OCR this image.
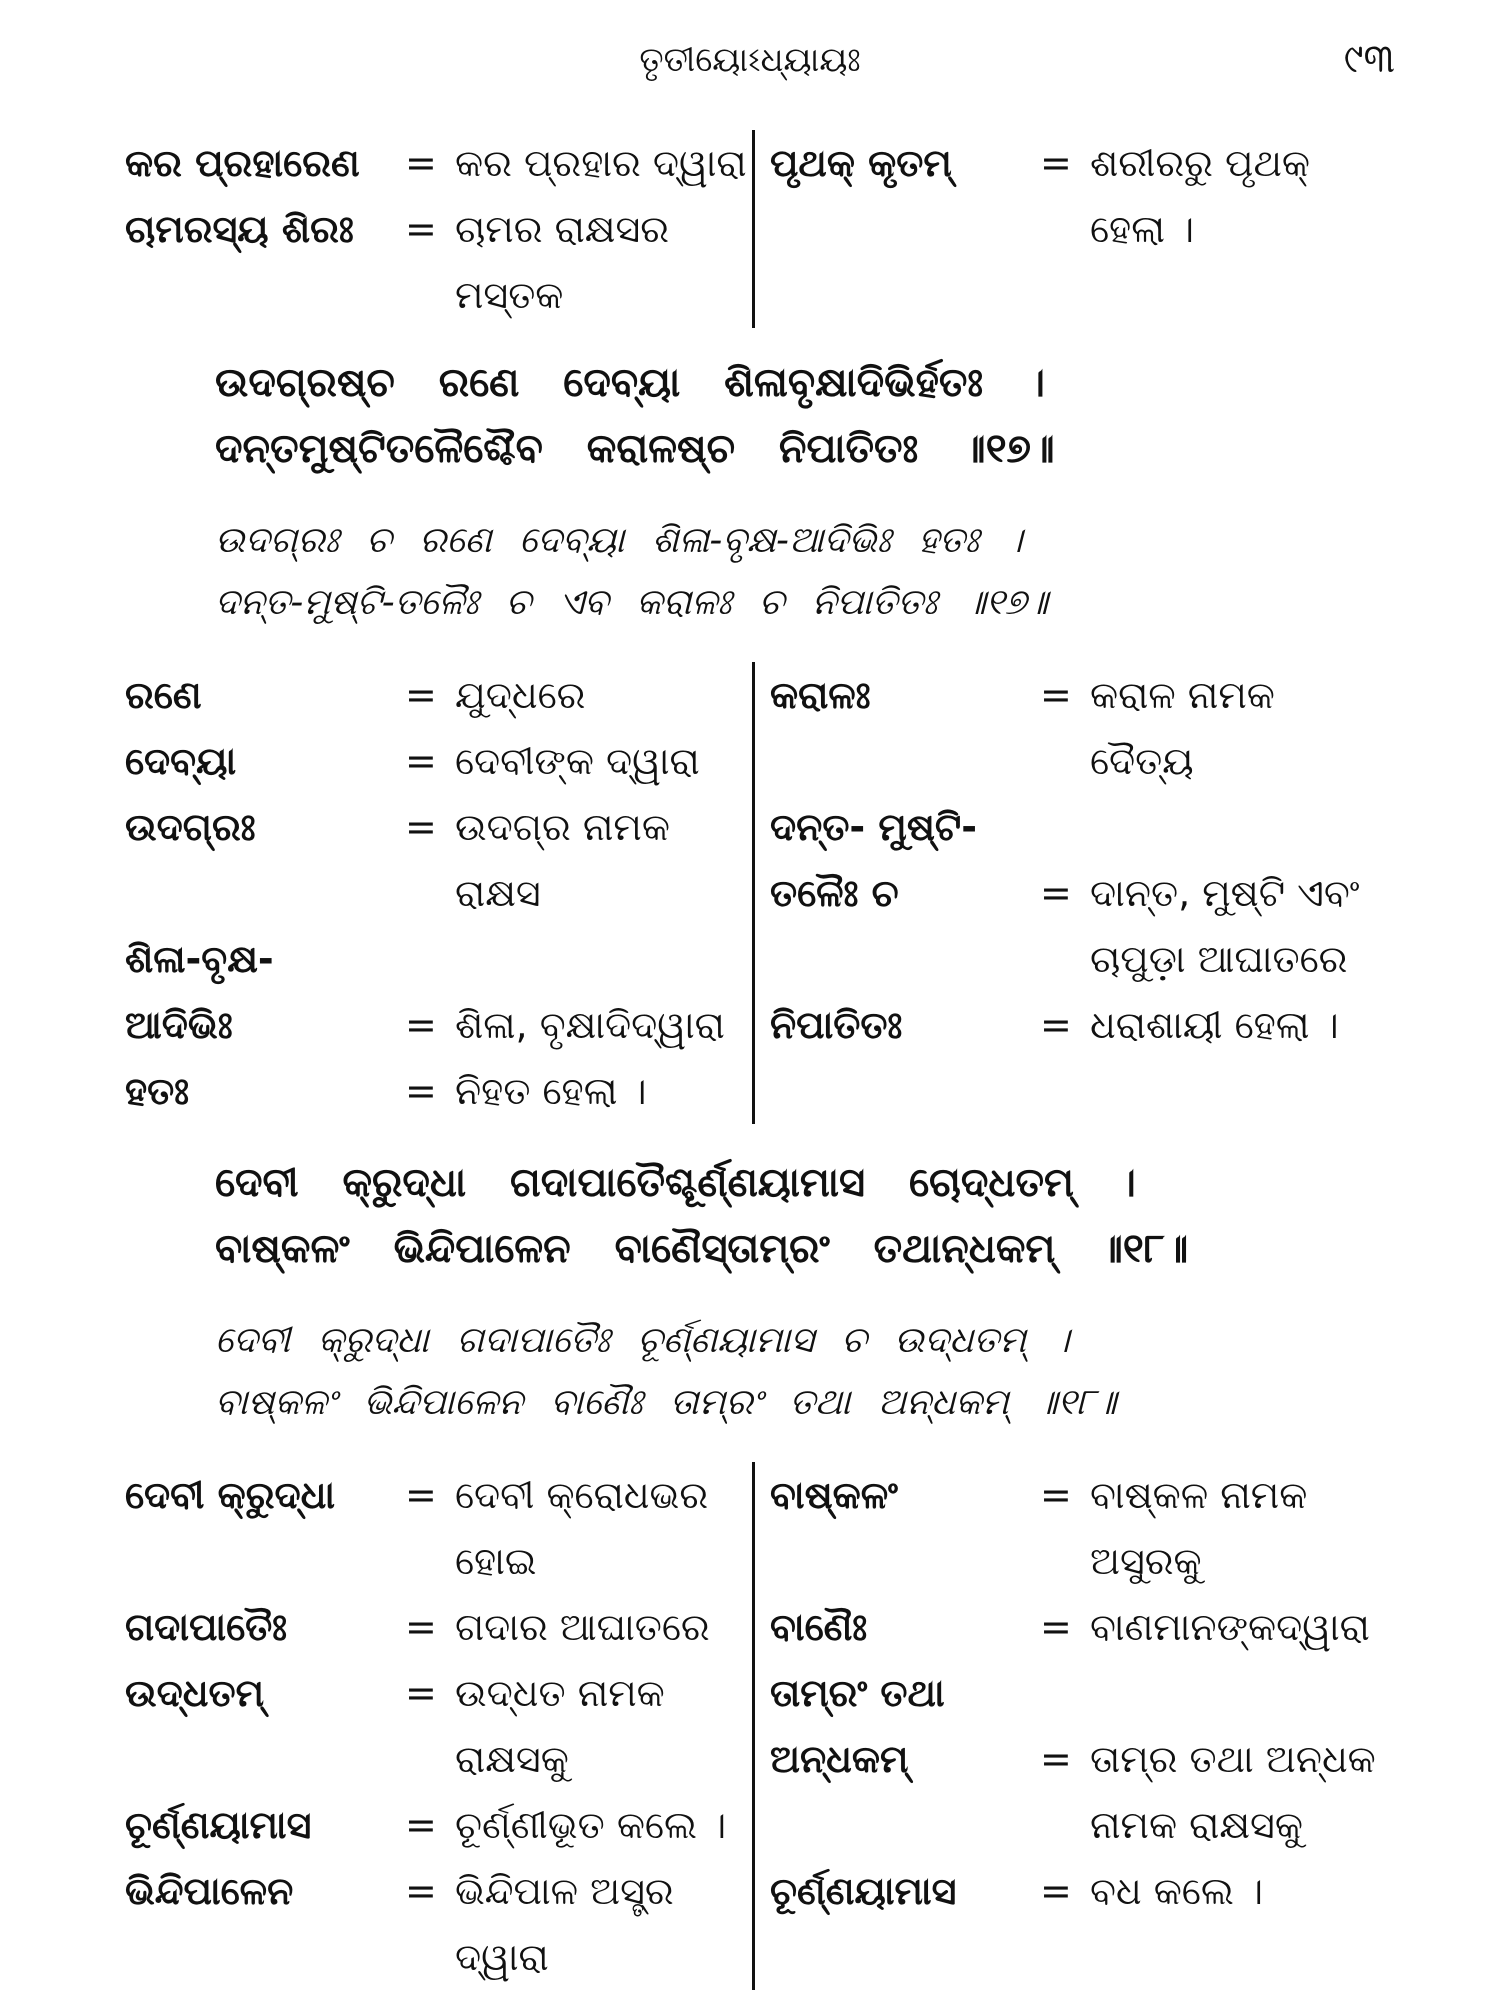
ତୃତୀୟୋଽଧ୍ୟାୟଃ	୯୩
କର ପ୍ରହାରେଣ = କର ପ୍ରହାର ଦ୍ୱାରା
ଚାମରସ୍ୟ ଶିରଃ = ଚାମର ରାକ୍ଷସର
ମସ୍ତକ
ପୃଥକ୍ କୃତମ୍ = ଶରୀରରୁ ପୃଥକ୍
ହେଲା ।
ଉଦଗ୍ରଷ୍ଚ ରଣେ ଦେବ୍ୟା ଶିଳାବୃକ୍ଷାଦିଭିର୍ହତଃ ।
ଦନ୍ତମୁଷ୍ଟିତଳୈଶ୍ଚୈବ କରାଳଷ୍ଚ ନିପାତିତଃ ॥୧୭॥
ଉଦଗ୍ରଃ ଚ ରଣେ ଦେବ୍ୟା ଶିଳା-ବୃକ୍ଷ-ଆଦିଭିଃ ହତଃ ।
ଦନ୍ତ-ମୁଷ୍ଟି-ତଳୈଃ ଚ ଏବ କରାଳଃ ଚ ନିପାତିତଃ ॥୧୭॥
ରଣେ	= ଯୁଦ୍ଧରେ
ଦେବ୍ୟା	= ଦେବୀଙ୍କ ଦ୍ୱାରା
ଉଦଗ୍ରଃ	= ଉଦଗ୍ର ନାମକ
ରାକ୍ଷସ
ଶିଳା-ବୃକ୍ଷ-
ଆଦିଭିଃ	= ଶିଳା, ବୃକ୍ଷାଦିଦ୍ୱାରା
ହତଃ	= ନିହତ ହେଲା ।
କରାଳଃ	= କରାଳ ନାମକ
ଦୈତ୍ୟ
ଦନ୍ତ- ମୁଷ୍ଟି-
ତଳୈଃ ଚ	= ଦାନ୍ତ, ମୁଷ୍ଟି ଏବଂ
ଚାପୁଡ଼ା ଆଘାତରେ
ନିପାତିତଃ	= ଧରାଶାୟୀ ହେଲା ।
ଦେବୀ କ୍ରୁଦ୍ଧା ଗଦାପାତୈଶ୍ଚୂର୍ଣ୍ଣୟାମାସ ଚୋଦ୍ଧତମ୍ ।
ବାଷ୍କଳଂ ଭିନ୍ଦିପାଳେନ ବାଣୈସ୍ତାମ୍ରଂ ତଥାନ୍ଧକମ୍ ॥୧୮॥
ଦେବୀ କ୍ରୁଦ୍ଧା ଗଦାପାତୈଃ ଚୂର୍ଣ୍ଣୟାମାସ ଚ ଉଦ୍ଧତମ୍ ।
ବାଷ୍କଳଂ ଭିନ୍ଦିପାଳେନ ବାଣୈଃ ତାମ୍ରଂ ତଥା ଅନ୍ଧକମ୍ ॥୧୮॥
ଦେବୀ କ୍ରୁଦ୍ଧା = ଦେବୀ କ୍ରୋଧଭର
ହୋଇ
ଗଦାପାତୈଃ	= ଗଦାର ଆଘାତରେ
ଉଦ୍ଧତମ୍	= ଉଦ୍ଧତ ନାମକ
ରାକ୍ଷସକୁ
ଚୂର୍ଣ୍ଣୟାମାସ = ଚୂର୍ଣ୍ଣୀଭୂତ କଲେ ।
ଭିନ୍ଦିପାଳେନ	= ଭିନ୍ଦିପାଳ ଅସ୍ତ୍ର
ଦ୍ୱାରା
ବାଷ୍କଳଂ	= ବାଷ୍କଳ ନାମକ
ଅସୁରକୁ
ବାଣୈଃ	= ବାଣମାନଙ୍କଦ୍ୱାରା
ତାମ୍ରଂ ତଥା
ଅନ୍ଧକମ୍	= ତାମ୍ର ତଥା ଅନ୍ଧକ
ନାମକ ରାକ୍ଷସକୁ
ଚୂର୍ଣ୍ଣୟାମାସ = ବଧ କଲେ ।
